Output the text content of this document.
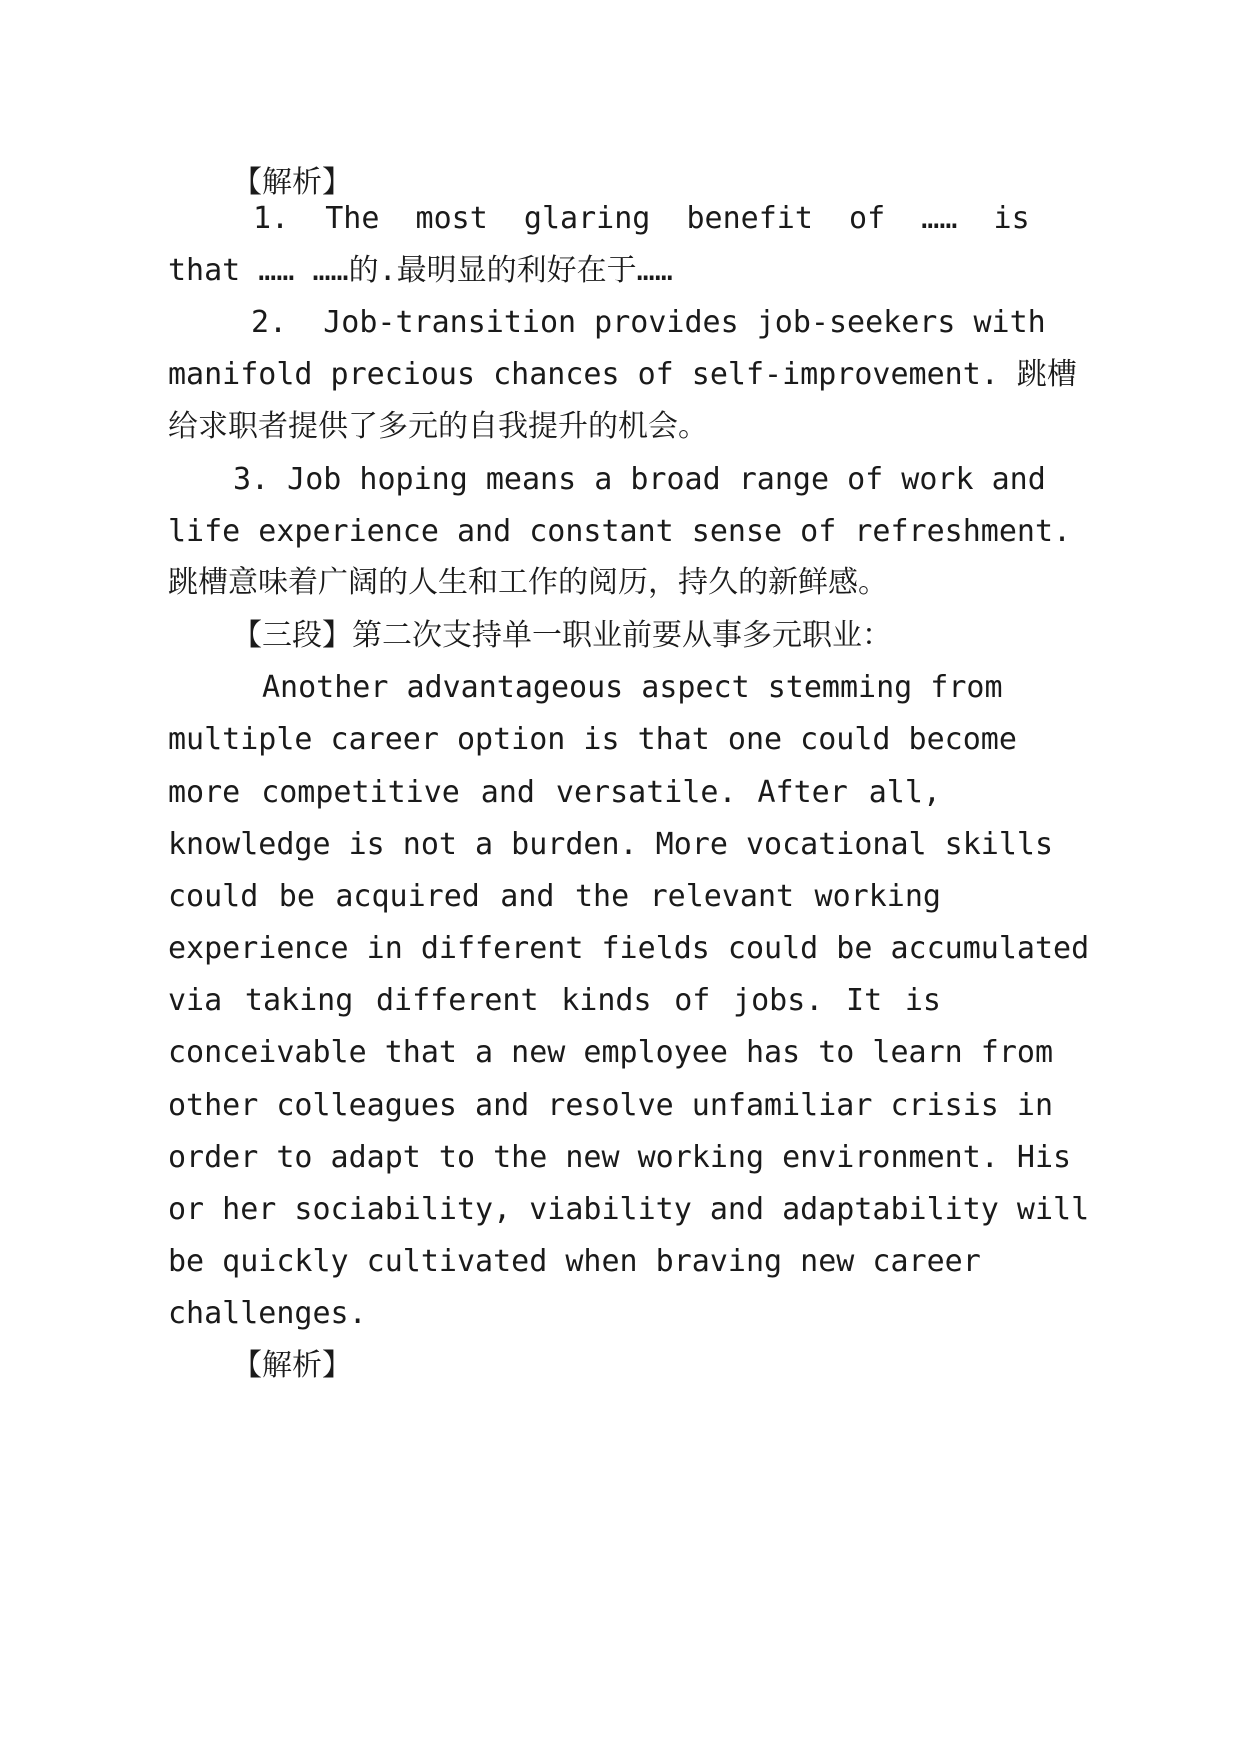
【解析】
1.  The  most  glaring  benefit  of  ……  is
that …… ……的.最明显的利好在于……
2.  Job-transition provides job-seekers with
manifold precious chances of self-improvement. 跳槽
给求职者提供了多元的自我提升的机会。
3. Job hoping means a broad range of work and
life experience and constant sense of refreshment.
跳槽意味着广阔的人生和工作的阅历，持久的新鲜感。
【三段】第二次支持单一职业前要从事多元职业：
Another advantageous aspect stemming from
multiple career option is that one could become
more competitive and versatile. After all,
knowledge is not a burden. More vocational skills
could be acquired and the relevant working
experience in different fields could be accumulated
via taking different kinds of jobs. It is
conceivable that a new employee has to learn from
other colleagues and resolve unfamiliar crisis in
order to adapt to the new working environment. His
or her sociability, viability and adaptability will
be quickly cultivated when braving new career
challenges.
【解析】
